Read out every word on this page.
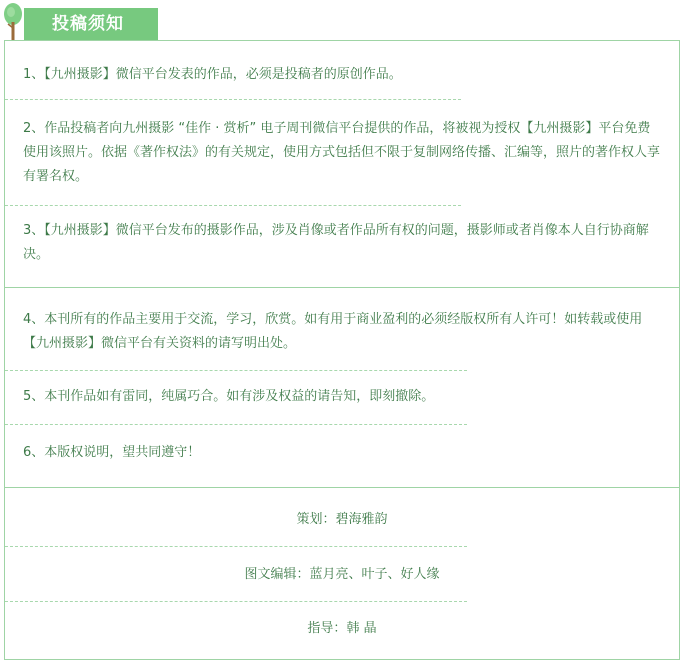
投稿须知

1、【九州摄影】微信平台发表的作品，必须是投稿者的原创作品。

2、作品投稿者向九州摄影 “佳作 · 赏析” 电子周刊微信平台提供的作品，将被视为授权【九州摄影】平台免费使用该照片。依据《著作权法》的有关规定，使用方式包括但不限于复制网络传播、汇编等，照片的著作权人享有署名权。

3、【九州摄影】微信平台发布的摄影作品，涉及肖像或者作品所有权的问题，摄影师或者肖像本人自行协商解决。

4、本刊所有的作品主要用于交流，学习，欣赏。如有用于商业盈利的必须经版权所有人许可！如转载或使用【九州摄影】微信平台有关资料的请写明出处。

5、本刊作品如有雷同，纯属巧合。如有涉及权益的请告知，即刻撤除。

6、本版权说明，望共同遵守！

策划：碧海雅韵
图文编辑：蓝月亮、叶子、好人缘
指导：韩 晶
